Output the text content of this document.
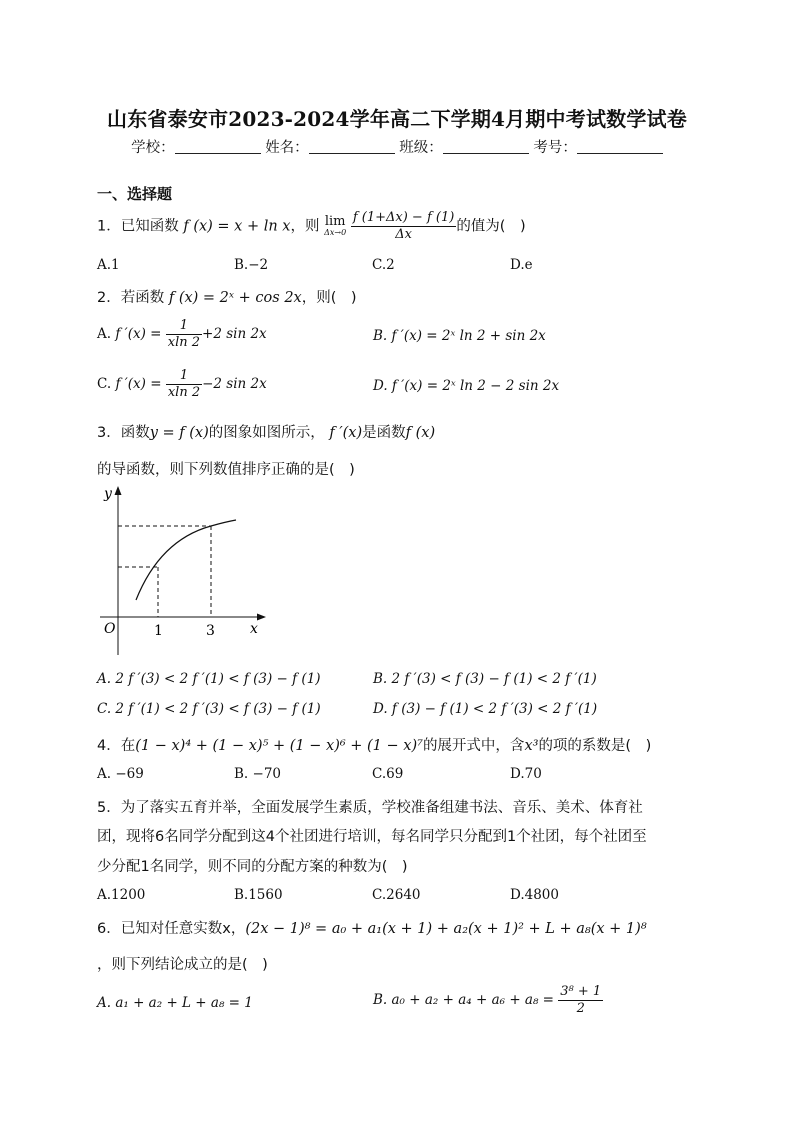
山东省泰安市2023-2024学年高二下学期4月期中考试数学试卷
学校：	姓名：	班级：	考号：
一、选择题
1．已知函数 f (x) = x + ln x，则 lim
Δx→0
$\frac{f (1+\Delta x) - f (1)}{\Delta x}$ 的值为(　)
A.1	B.−2	C.2	D.e
2．若函数 f (x) = 2ˣ + cos 2x，则(　)
A. f $'(x) = \frac{1}{xln 2} +2$ sin 2x	B. f ′(x) = 2ˣ ln 2 + sin 2x
C. f $'(x) = \frac{1}{xln 2} -2$ sin 2x	D. f ′(x) = 2ˣ ln 2 − 2 sin 2x
3．函数y = f (x)的图象如图所示， f ′(x)是函数f (x)
的导函数，则下列数值排序正确的是(　)
y
x
O	1	3
A. 2 f ′(3) < 2 f ′(1) < f (3) − f (1)	B. 2 f ′(3) < f (3) − f (1) < 2 f ′(1)
C. 2 f ′(1) < 2 f ′(3) < f (3) − f (1)	D. f (3) − f (1) < 2 f ′(3) < 2 f ′(1)
4．在(1 − x)⁴ + (1 − x)⁵ + (1 − x)⁶ + (1 − x)⁷的展开式中，含x³的项的系数是(　)
A. −69	B. −70	C.69	D.70
5．为了落实五育并举，全面发展学生素质，学校准备组建书法、音乐、美术、体育社
团，现将6名同学分配到这4个社团进行培训，每名同学只分配到1个社团，每个社团至
少分配1名同学，则不同的分配方案的种数为(　)
A.1200	B.1560	C.2640	D.4800
6．已知对任意实数x，(2x − 1)⁸ = a₀ + a₁(x + 1) + a₂(x + 1)² + L + a₈(x + 1)⁸
，则下列结论成立的是(　)
A. a₁ + a₂ + L + a₈ = 1	B. $a_0 + a_2 + a_4 + a_6 + a_8 = \frac{\text{3⁸ + 1}}{2}$
